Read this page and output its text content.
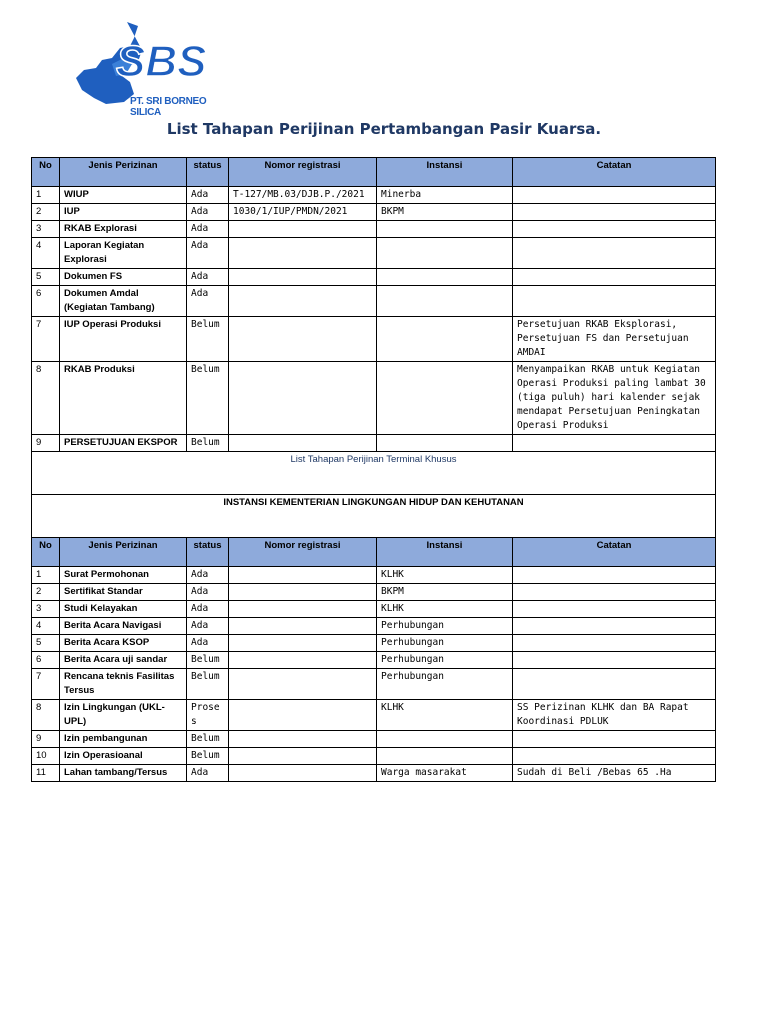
SBS
PT. SRI BORNEO SILICA
List Tahapan Perijinan Pertambangan Pasir Kuarsa.
No	Jenis Perizinan	status	Nomor registrasi	Instansi	Catatan
1	WIUP	Ada	T-127/MB.03/DJB.P./2021	Minerba	
2	IUP	Ada	1030/1/IUP/PMDN/2021	BKPM	
3	RKAB Explorasi	Ada			
4	Laporan Kegiatan Explorasi	Ada			
5	Dokumen FS	Ada			
6	Dokumen Amdal (Kegiatan Tambang)	Ada			
7	IUP Operasi Produksi	Belum			Persetujuan RKAB Eksplorasi, Persetujuan FS dan Persetujuan AMDAI
8	RKAB Produksi	Belum			Menyampaikan RKAB untuk Kegiatan Operasi Produksi paling lambat 30 (tiga puluh) hari kalender sejak mendapat Persetujuan Peningkatan Operasi Produksi
9	PERSETUJUAN EKSPOR	Belum			
List Tahapan Perijinan Terminal Khusus					
INSTANSI KEMENTERIAN LINGKUNGAN HIDUP DAN KEHUTANAN					
No	Jenis Perizinan	status	Nomor registrasi	Instansi	Catatan
1	Surat Permohonan	Ada		KLHK	
2	Sertifikat Standar	Ada		BKPM	
3	Studi Kelayakan	Ada		KLHK	
4	Berita Acara Navigasi	Ada		Perhubungan	
5	Berita Acara KSOP	Ada		Perhubungan	
6	Berita Acara uji sandar	Belum		Perhubungan	
7	Rencana teknis Fasilitas Tersus	Belum		Perhubungan	
8	Izin Lingkungan (UKL-UPL)	Proses		KLHK	SS Perizinan KLHK dan BA Rapat Koordinasi PDLUK
9	Izin pembangunan	Belum			
10	Izin Operasioanal	Belum			
11	Lahan tambang/Tersus	Ada		Warga masarakat	Sudah di Beli /Bebas 65 .Ha
